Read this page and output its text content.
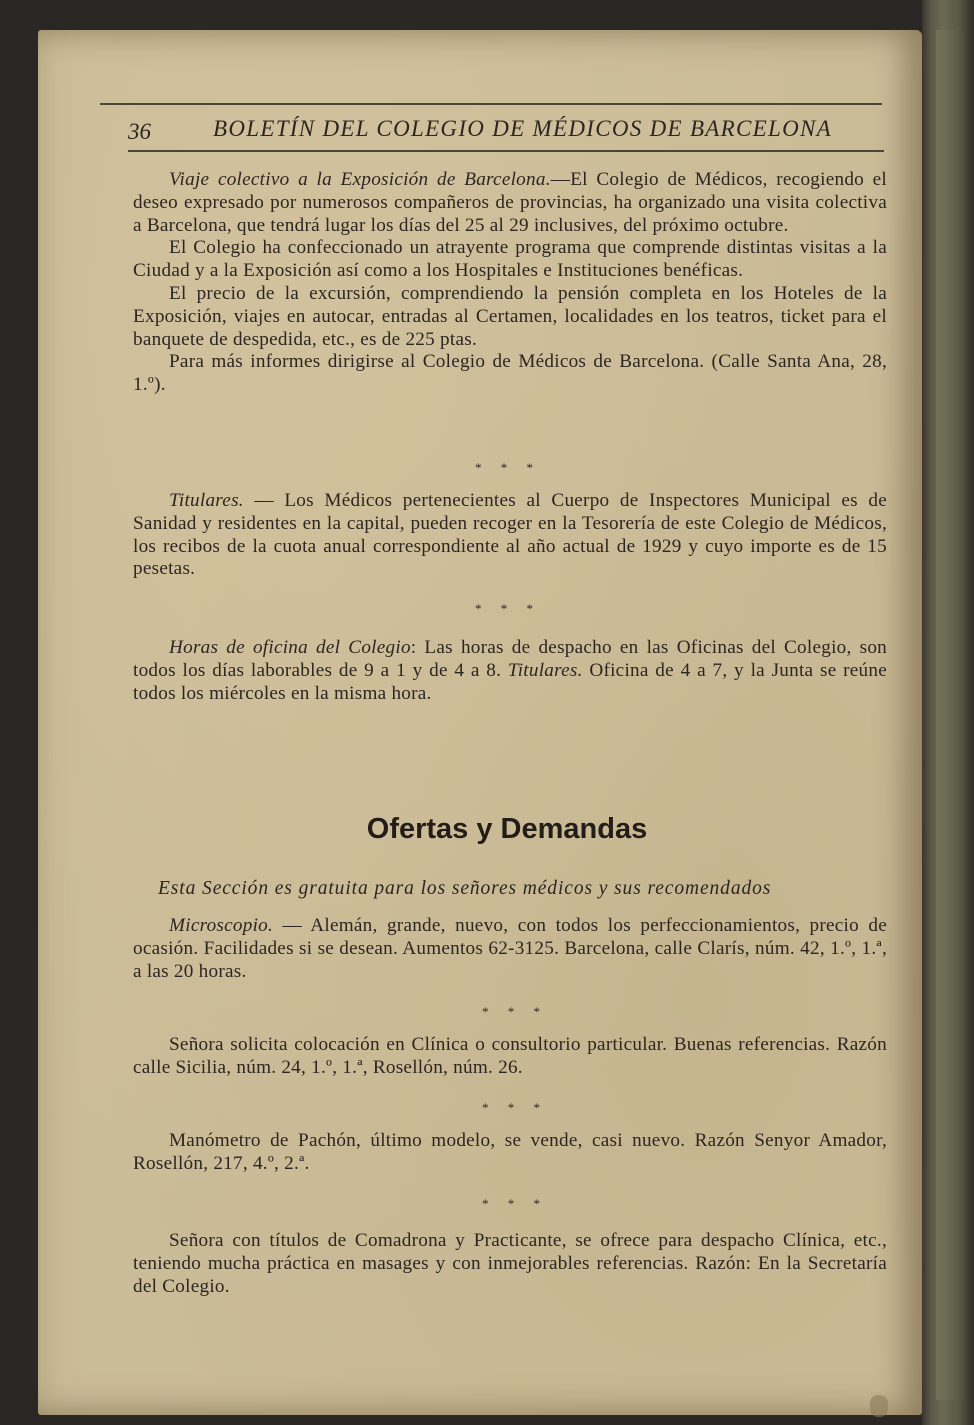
36	BOLETÍN DEL COLEGIO DE MÉDICOS DE BARCELONA

Viaje colectivo a la Exposición de Barcelona.—El Colegio de Médicos, recogiendo el deseo expresado por numerosos compañeros de provincias, ha organizado una visita colectiva a Barcelona, que tendrá lugar los días del 25 al 29 inclusives, del próximo octubre.

El Colegio ha confeccionado un atrayente programa que comprende distintas visitas a la Ciudad y a la Exposición así como a los Hospitales e Instituciones benéficas.

El precio de la excursión, comprendiendo la pensión completa en los Hoteles de la Exposición, viajes en autocar, entradas al Certamen, localidades en los teatros, ticket para el banquete de despedida, etc., es de 225 ptas.

Para más informes dirigirse al Colegio de Médicos de Barcelona. (Calle Santa Ana, 28, 1.º).

* * *

Titulares. — Los Médicos pertenecientes al Cuerpo de Inspectores Municipal es de Sanidad y residentes en la capital, pueden recoger en la Tesorería de este Colegio de Médicos, los recibos de la cuota anual correspondiente al año actual de 1929 y cuyo importe es de 15 pesetas.

* * *

Horas de oficina del Colegio: Las horas de despacho en las Oficinas del Colegio, son todos los días laborables de 9 a 1 y de 4 a 8. Titulares. Oficina de 4 a 7, y la Junta se reúne todos los miércoles en la misma hora.

Ofertas y Demandas
Esta Sección es gratuita para los señores médicos y sus recomendados

Microscopio. — Alemán, grande, nuevo, con todos los perfeccionamientos, precio de ocasión. Facilidades si se desean. Aumentos 62-3125. Barcelona, calle Clarís, núm. 42, 1.º, 1.ª, a las 20 horas.

* * *

Señora solicita colocación en Clínica o consultorio particular. Buenas referencias. Razón calle Sicilia, núm. 24, 1.º, 1.ª, Rosellón, núm. 26.

* * *

Manómetro de Pachón, último modelo, se vende, casi nuevo. Razón Senyor Amador, Rosellón, 217, 4.º, 2.ª.

* * *

Señora con títulos de Comadrona y Practicante, se ofrece para despacho Clínica, etc., teniendo mucha práctica en masages y con inmejorables referencias. Razón: En la Secretaría del Colegio.
